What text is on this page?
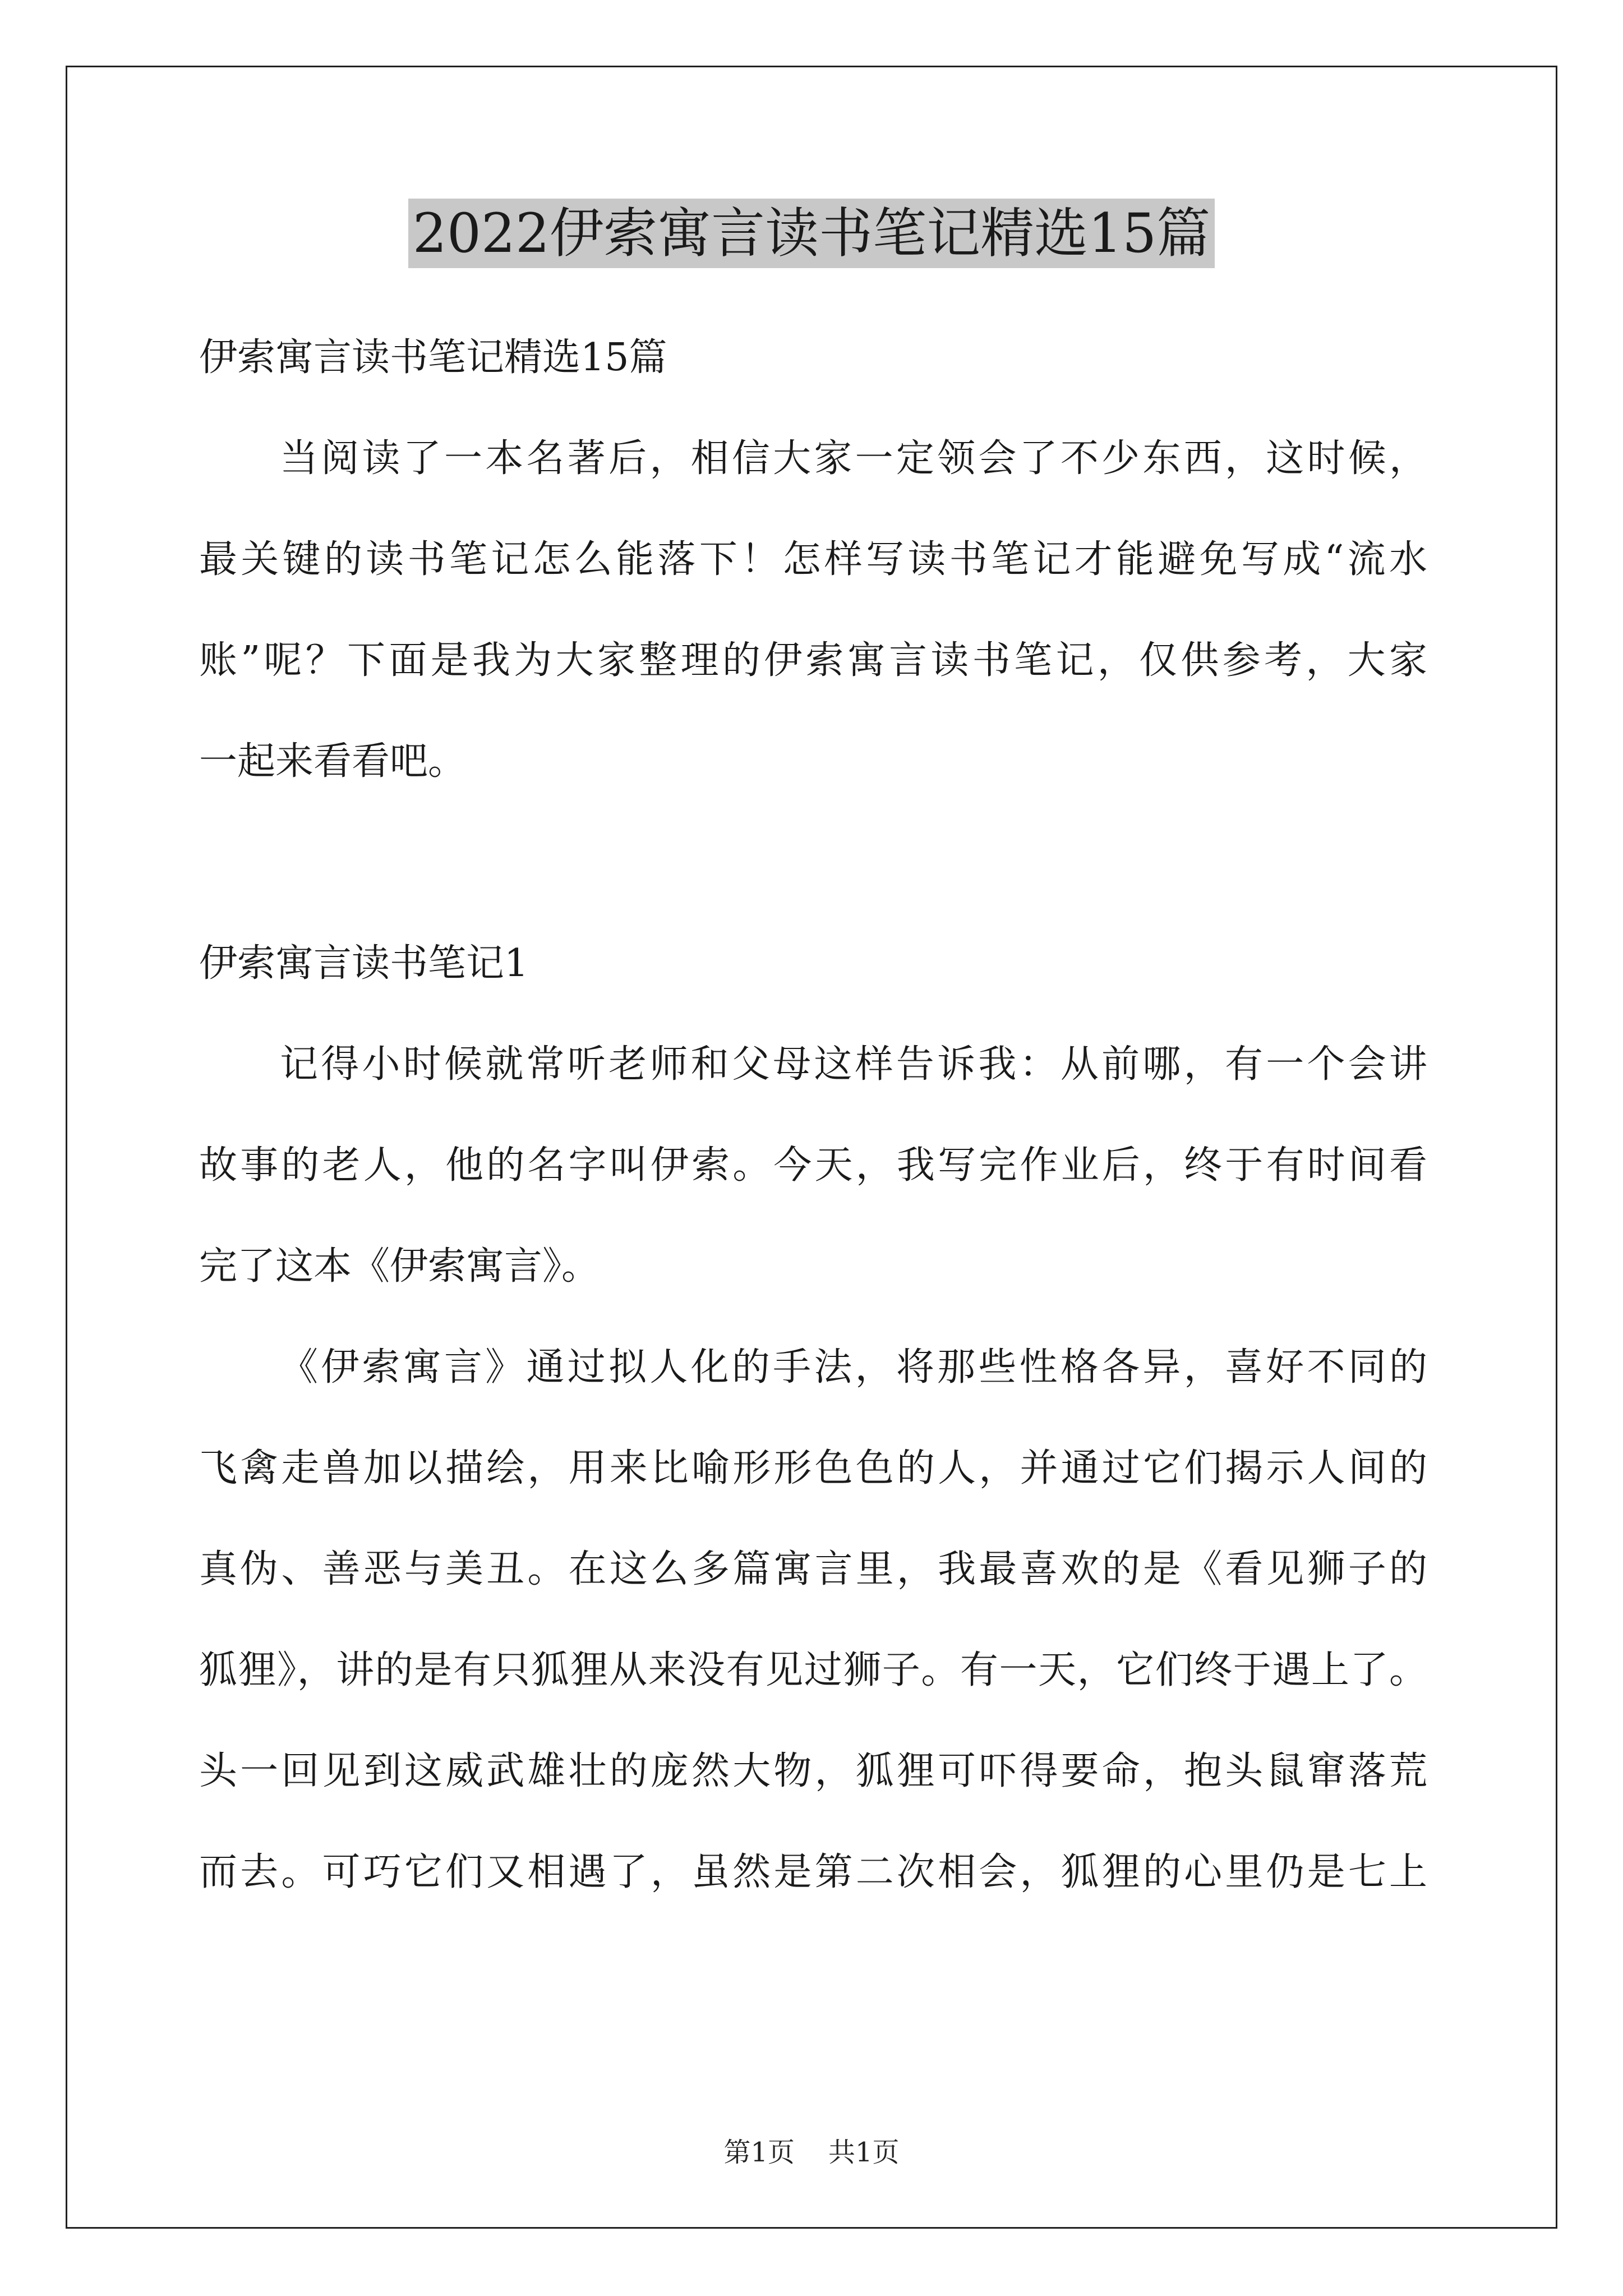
2022伊索寓言读书笔记精选15篇
伊索寓言读书笔记精选15篇
当阅读了一本名著后，相信大家一定领会了不少东西，这时候，
最关键的读书笔记怎么能落下！怎样写读书笔记才能避免写成“流水
账”呢？下面是我为大家整理的伊索寓言读书笔记，仅供参考，大家
一起来看看吧。
伊索寓言读书笔记1
记得小时候就常听老师和父母这样告诉我：从前哪，有一个会讲
故事的老人，他的名字叫伊索。今天，我写完作业后，终于有时间看
完了这本《伊索寓言》。
《伊索寓言》通过拟人化的手法，将那些性格各异，喜好不同的
飞禽走兽加以描绘，用来比喻形形色色的人，并通过它们揭示人间的
真伪、善恶与美丑。在这么多篇寓言里，我最喜欢的是《看见狮子的
狐狸》，讲的是有只狐狸从来没有见过狮子。有一天，它们终于遇上了。
头一回见到这威武雄壮的庞然大物，狐狸可吓得要命，抱头鼠窜落荒
而去。可巧它们又相遇了，虽然是第二次相会，狐狸的心里仍是七上
第1页 共1页
